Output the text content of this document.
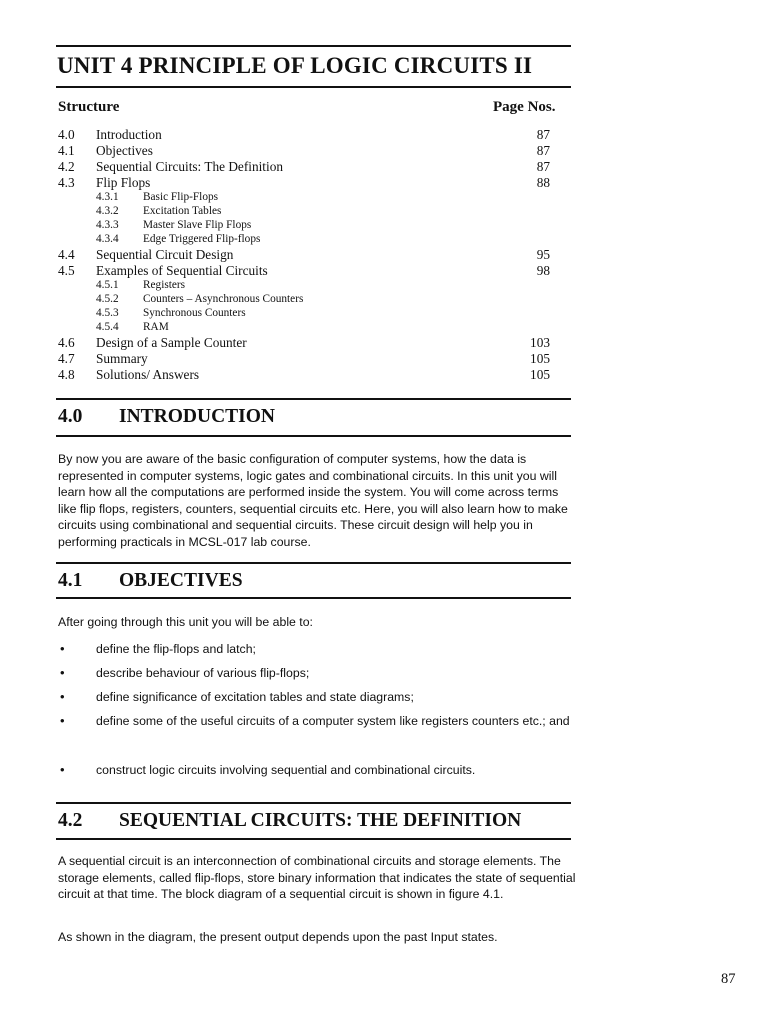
UNIT 4 PRINCIPLE OF LOGIC CIRCUITS II
Structure	Page Nos.
4.0 Introduction	87
4.1 Objectives	87
4.2 Sequential Circuits: The Definition	87
4.3 Flip Flops	88
4.3.1 Basic Flip-Flops
4.3.2 Excitation Tables
4.3.3 Master Slave Flip Flops
4.3.4 Edge Triggered Flip-flops
4.4 Sequential Circuit Design	95
4.5 Examples of Sequential Circuits	98
4.5.1 Registers
4.5.2 Counters – Asynchronous Counters
4.5.3 Synchronous Counters
4.5.4 RAM
4.6 Design of a Sample Counter	103
4.7 Summary	105
4.8 Solutions/ Answers	105
4.0 INTRODUCTION

By now you are aware of the basic configuration of computer systems, how the data is represented in computer systems, logic gates and combinational circuits. In this unit you will learn how all the computations are performed inside the system. You will come across terms like flip flops, registers, counters, sequential circuits etc. Here, you will also learn how to make circuits using combinational and sequential circuits. These circuit design will help you in performing practicals in MCSL-017 lab course.

4.1 OBJECTIVES

After going through this unit you will be able to:

•	define the flip-flops and latch;
•	describe behaviour of various flip-flops;
•	define significance of excitation tables and state diagrams;
•	define some of the useful circuits of a computer system like registers counters etc.; and
•	construct logic circuits involving sequential and combinational circuits.
4.2 SEQUENTIAL CIRCUITS: THE DEFINITION

A sequential circuit is an interconnection of combinational circuits and storage elements. The storage elements, called flip-flops, store binary information that indicates the state of sequential circuit at that time. The block diagram of a sequential circuit is shown in figure 4.1.

As shown in the diagram, the present output depends upon the past Input states.

87
